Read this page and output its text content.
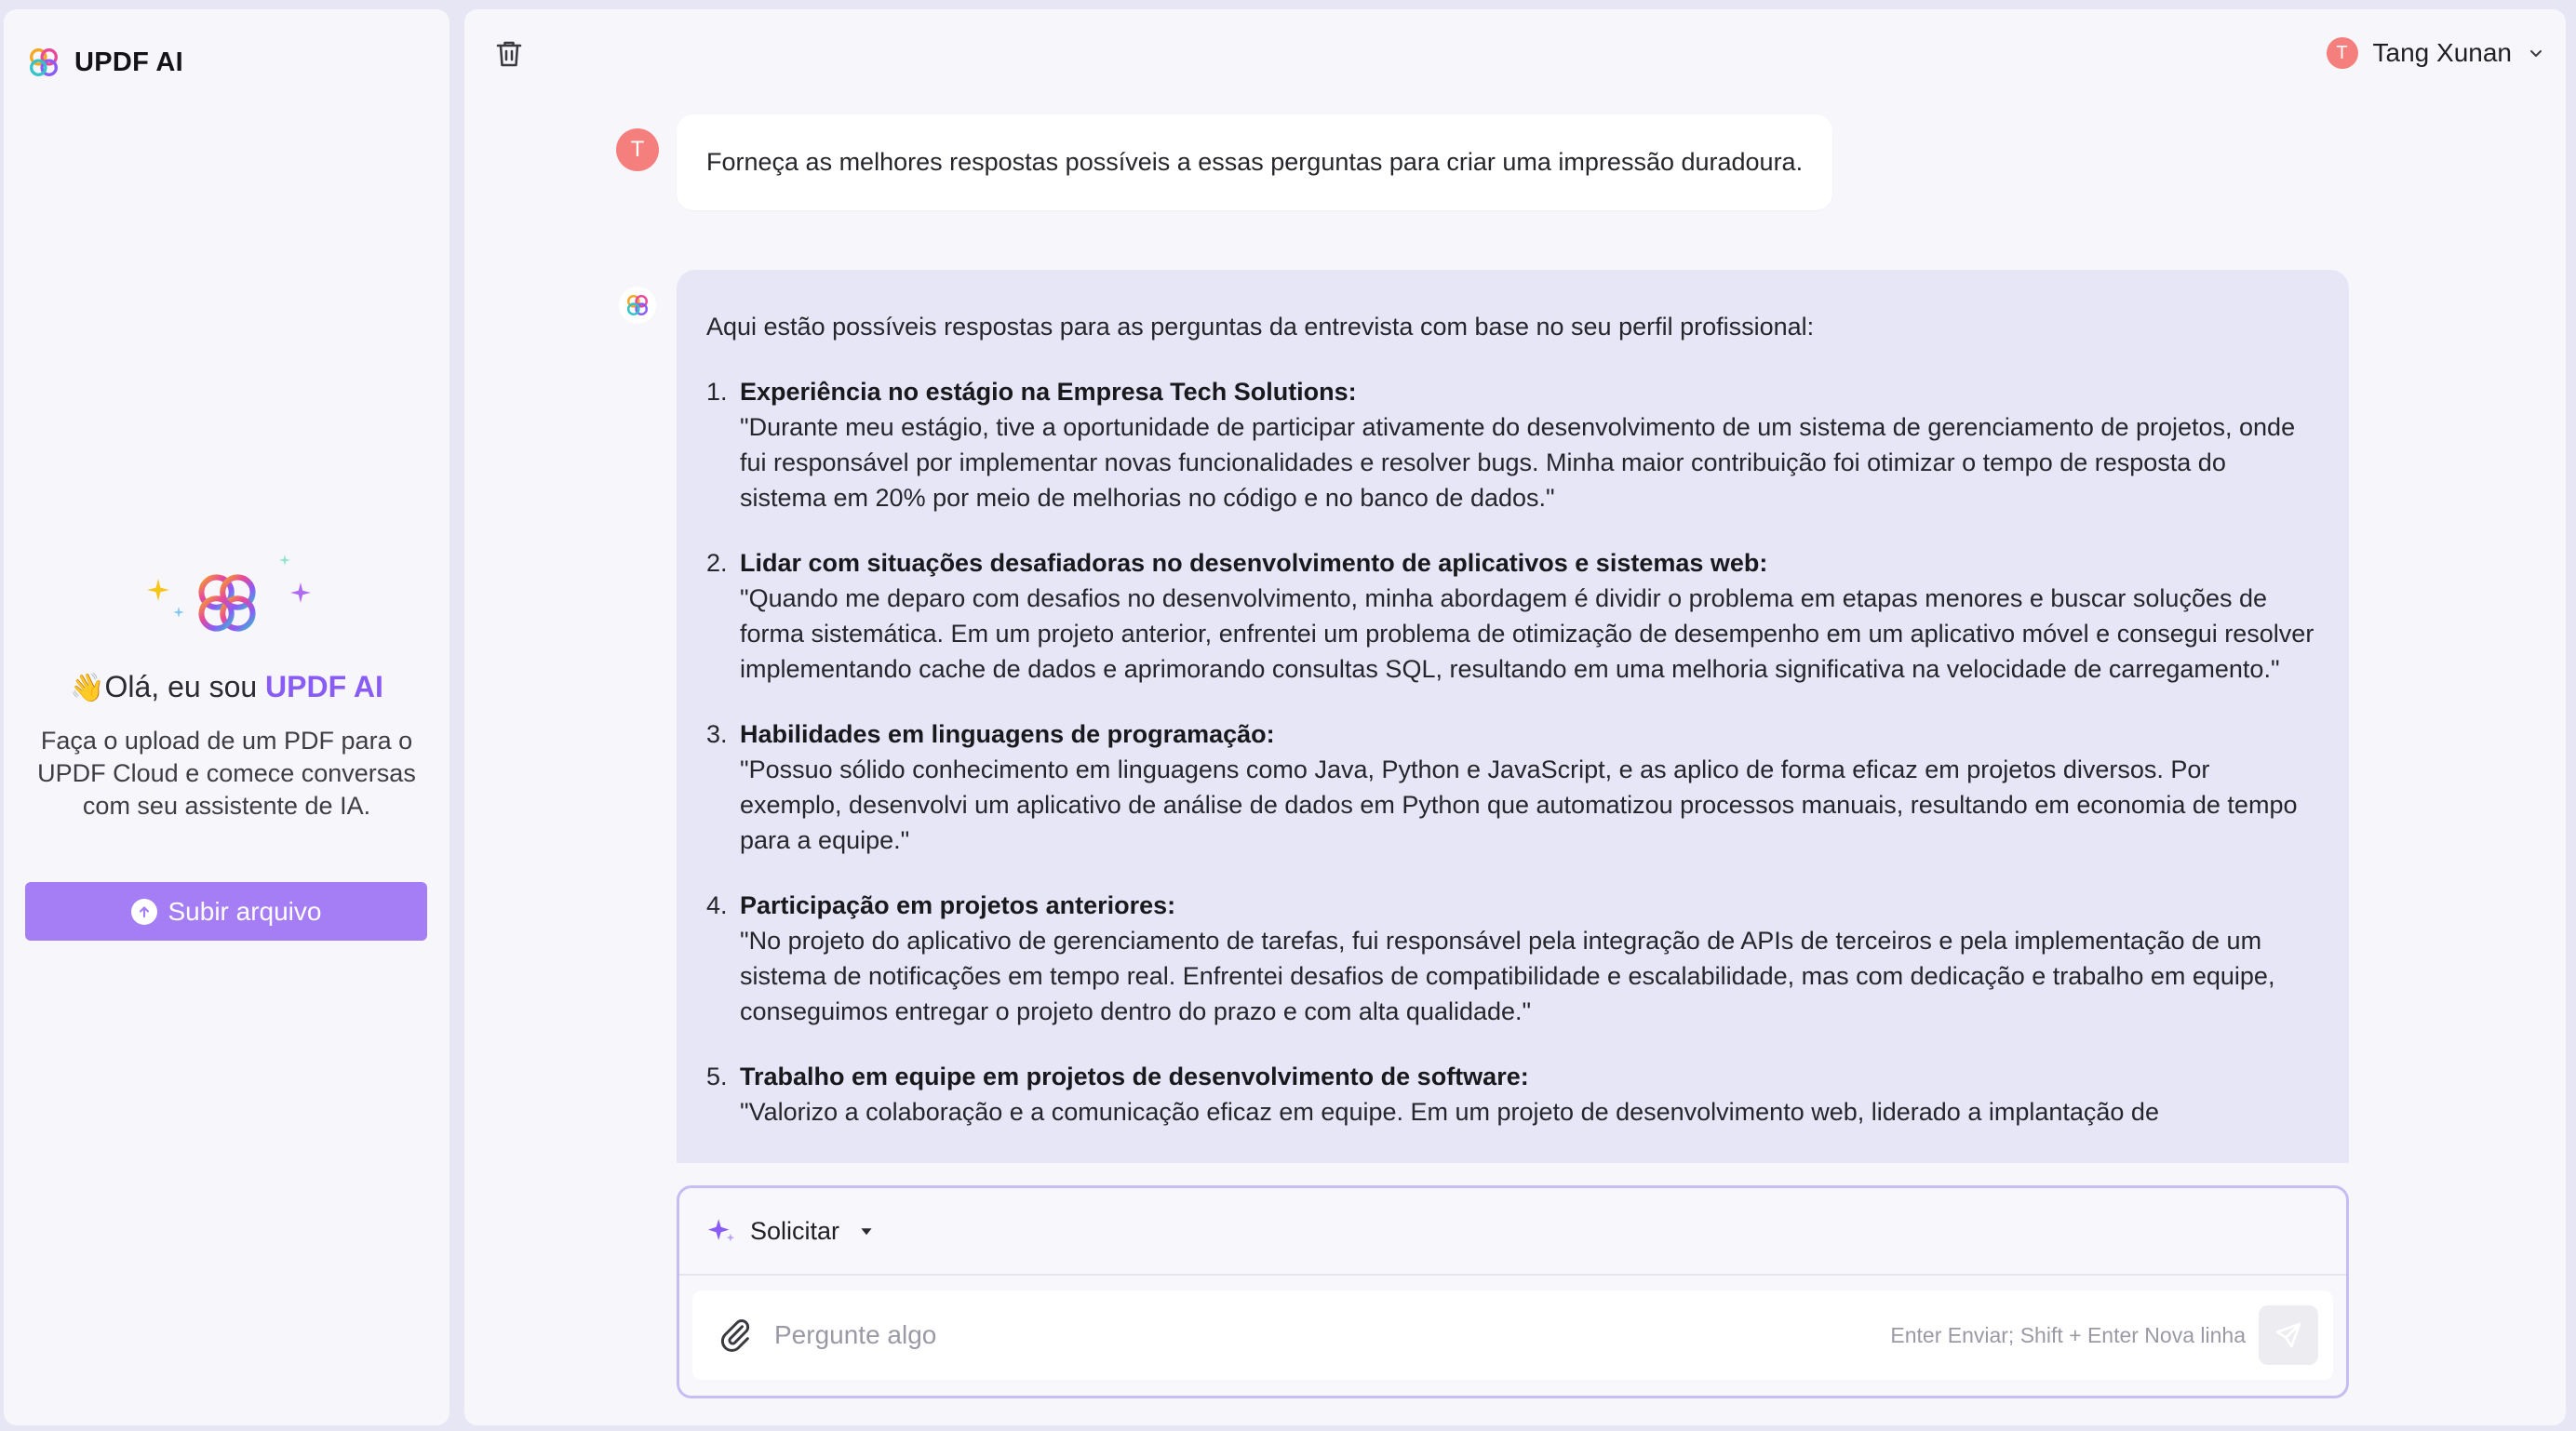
UPDF AI
👋Olá, eu sou UPDF AI

Faça o upload de um PDF para o UPDF Cloud e comece conversas com seu assistente de IA.

Subir arquivo
T Tang Xunan
T	Forneça as melhores respostas possíveis a essas perguntas para criar uma impressão duradoura.

Aqui estão possíveis respostas para as perguntas da entrevista com base no seu perfil profissional:

1. Experiência no estágio na Empresa Tech Solutions:
"Durante meu estágio, tive a oportunidade de participar ativamente do desenvolvimento de um sistema de gerenciamento de projetos, onde fui responsável por implementar novas funcionalidades e resolver bugs. Minha maior contribuição foi otimizar o tempo de resposta do sistema em 20% por meio de melhorias no código e no banco de dados."
2. Lidar com situações desafiadoras no desenvolvimento de aplicativos e sistemas web:
"Quando me deparo com desafios no desenvolvimento, minha abordagem é dividir o problema em etapas menores e buscar soluções de forma sistemática. Em um projeto anterior, enfrentei um problema de otimização de desempenho em um aplicativo móvel e consegui resolver implementando cache de dados e aprimorando consultas SQL, resultando em uma melhoria significativa na velocidade de carregamento."
3. Habilidades em linguagens de programação:
"Possuo sólido conhecimento em linguagens como Java, Python e JavaScript, e as aplico de forma eficaz em projetos diversos. Por exemplo, desenvolvi um aplicativo de análise de dados em Python que automatizou processos manuais, resultando em economia de tempo para a equipe."
4. Participação em projetos anteriores:
"No projeto do aplicativo de gerenciamento de tarefas, fui responsável pela integração de APIs de terceiros e pela implementação de um sistema de notificações em tempo real. Enfrentei desafios de compatibilidade e escalabilidade, mas com dedicação e trabalho em equipe, conseguimos entregar o projeto dentro do prazo e com alta qualidade."
5. Trabalho em equipe em projetos de desenvolvimento de software:
"Valorizo a colaboração e a comunicação eficaz em equipe. Em um projeto de desenvolvimento web, liderado a implantação de
Solicitar
Pergunte algo
Enter Enviar; Shift + Enter Nova linha
